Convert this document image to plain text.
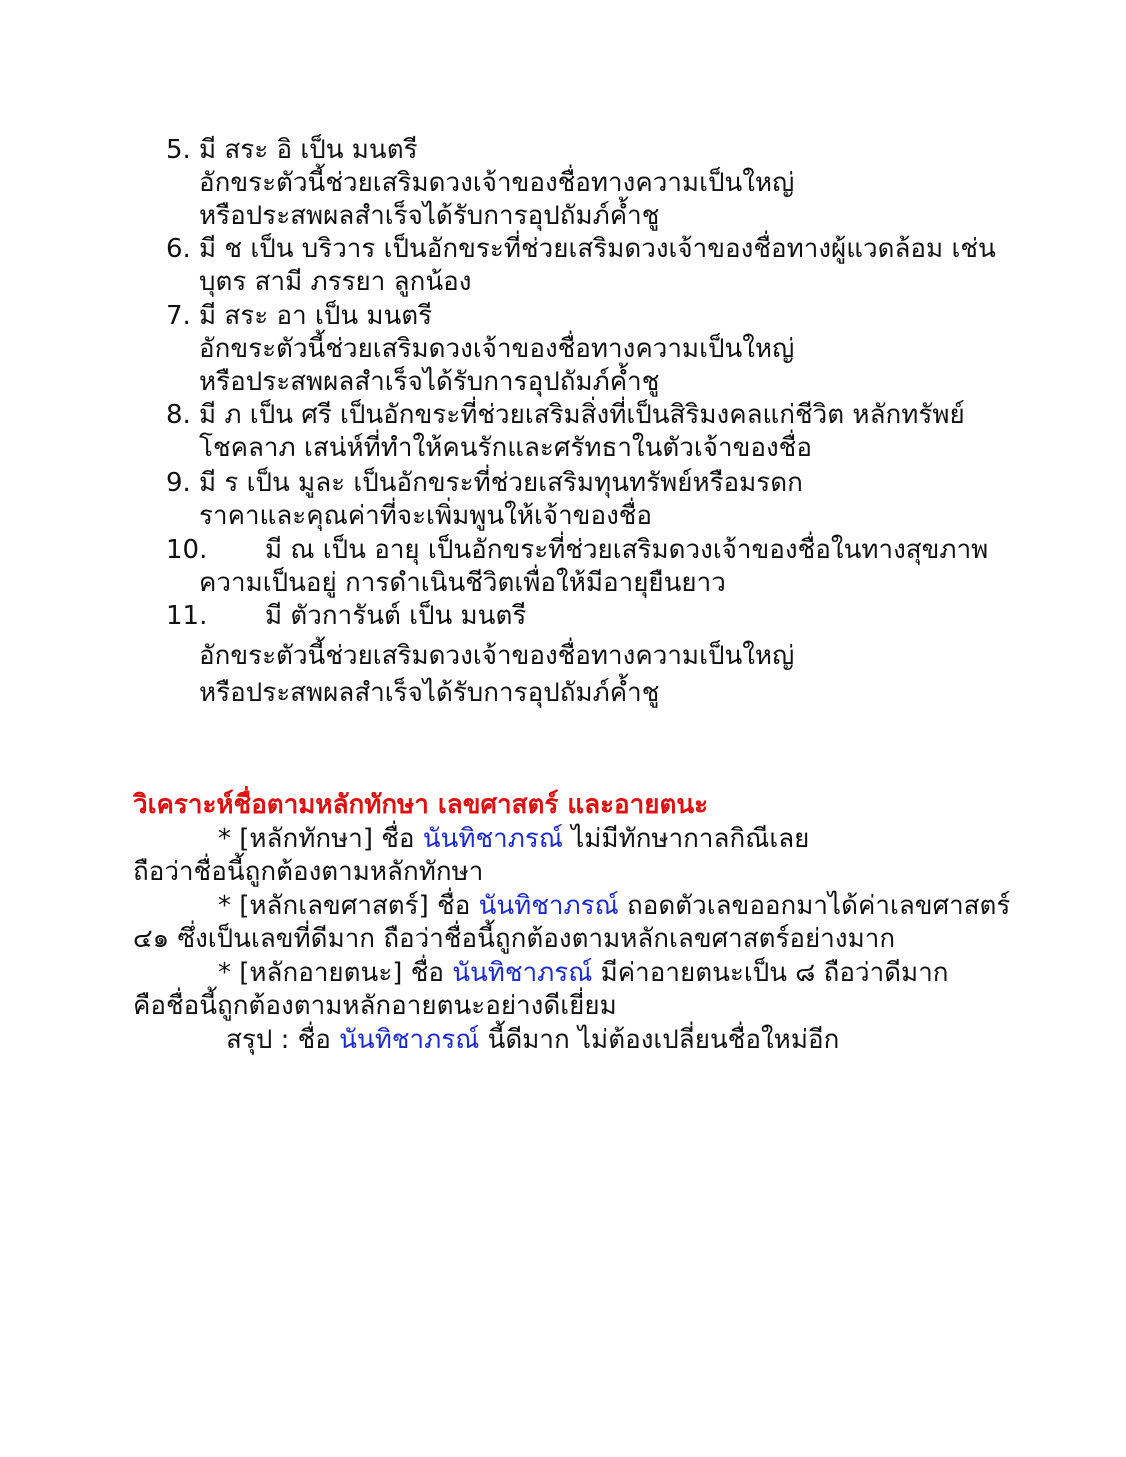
5. มี สระ อิ เป็น มนตรี
อักขระตัวนี้ช่วยเสริมดวงเจ้าของชื่อทางความเป็นใหญ่
หรือประสพผลสำเร็จได้รับการอุปถัมภ์ค้ำชู
6. มี ช เป็น บริวาร เป็นอักขระที่ช่วยเสริมดวงเจ้าของชื่อทางผู้แวดล้อม เช่น
บุตร สามี ภรรยา ลูกน้อง
7. มี สระ อา เป็น มนตรี
อักขระตัวนี้ช่วยเสริมดวงเจ้าของชื่อทางความเป็นใหญ่
หรือประสพผลสำเร็จได้รับการอุปถัมภ์ค้ำชู
8. มี ภ เป็น ศรี เป็นอักขระที่ช่วยเสริมสิ่งที่เป็นสิริมงคลแก่ชีวิต หลักทรัพย์
โชคลาภ เสน่ห์ที่ทำให้คนรักและศรัทธาในตัวเจ้าของชื่อ
9. มี ร เป็น มูละ เป็นอักขระที่ช่วยเสริมทุนทรัพย์หรือมรดก
ราคาและคุณค่าที่จะเพิ่มพูนให้เจ้าของชื่อ
10. มี ณ เป็น อายุ เป็นอักขระที่ช่วยเสริมดวงเจ้าของชื่อในทางสุขภาพ
ความเป็นอยู่ การดำเนินชีวิตเพื่อให้มีอายุยืนยาว
11. มี ตัวการันต์ เป็น มนตรี
อักขระตัวนี้ช่วยเสริมดวงเจ้าของชื่อทางความเป็นใหญ่
หรือประสพผลสำเร็จได้รับการอุปถัมภ์ค้ำชู
วิเคราะห์ชื่อตามหลักทักษา เลขศาสตร์ และอายตนะ
* [หลักทักษา] ชื่อ นันทิชาภรณ์ ไม่มีทักษากาลกิณีเลย
ถือว่าชื่อนี้ถูกต้องตามหลักทักษา
* [หลักเลขศาสตร์] ชื่อ นันทิชาภรณ์ ถอดตัวเลขออกมาได้ค่าเลขศาสตร์
๔๑ ซึ่งเป็นเลขที่ดีมาก ถือว่าชื่อนี้ถูกต้องตามหลักเลขศาสตร์อย่างมาก
* [หลักอายตนะ] ชื่อ นันทิชาภรณ์ มีค่าอายตนะเป็น ๘ ถือว่าดีมาก
คือชื่อนี้ถูกต้องตามหลักอายตนะอย่างดีเยี่ยม
สรุป : ชื่อ นันทิชาภรณ์ นี้ดีมาก ไม่ต้องเปลี่ยนชื่อใหม่อีก
